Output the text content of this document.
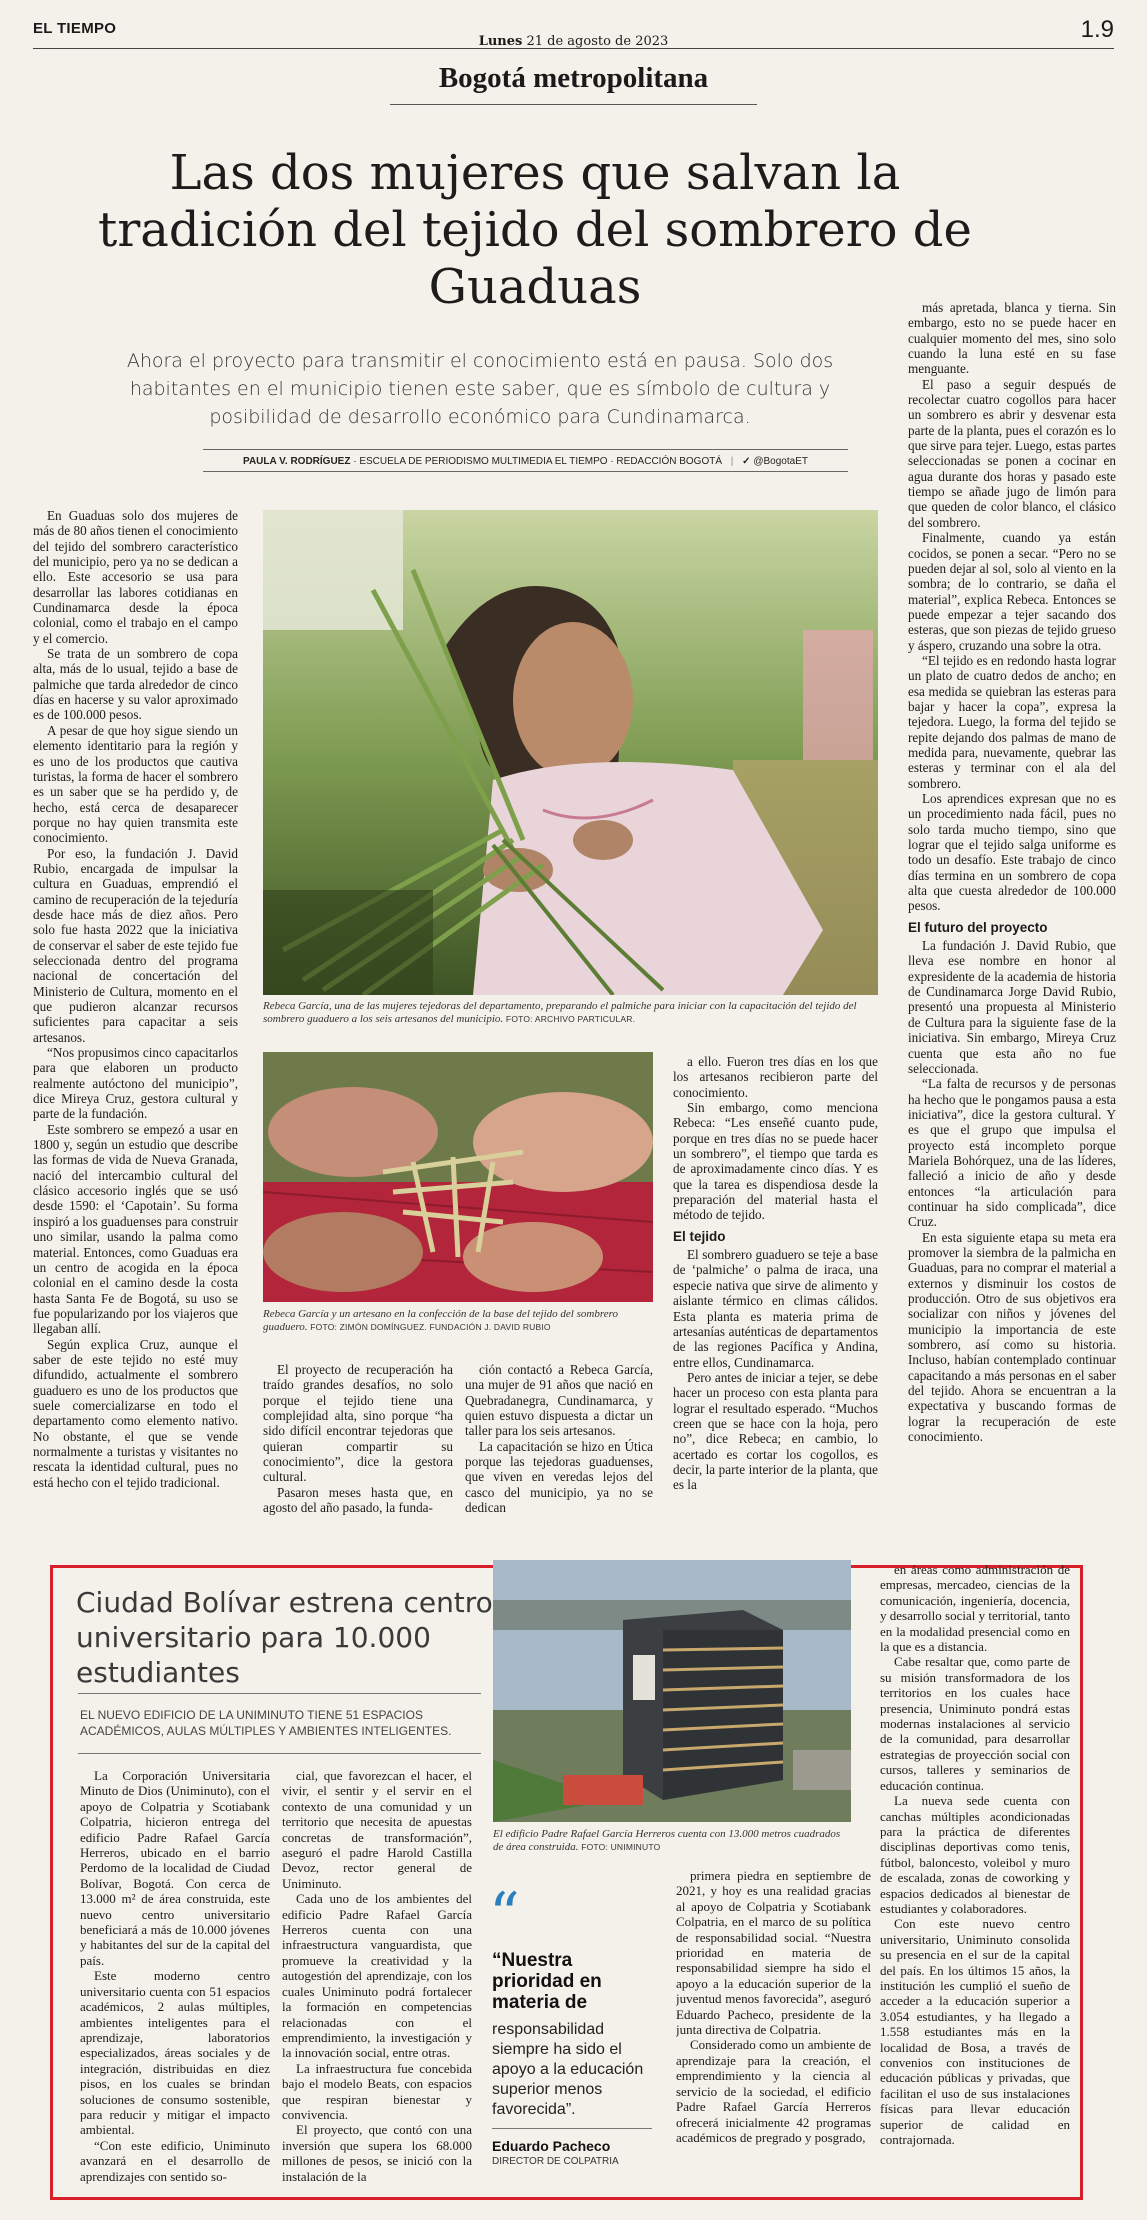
EL TIEMPO
Lunes 21 de agosto de 2023	1.9
Bogotá metropolitana
Las dos mujeres que salvan la tradición del tejido del sombrero de Guaduas
Ahora el proyecto para transmitir el conocimiento está en pausa. Solo dos habitantes en el municipio tienen este saber, que es símbolo de cultura y posibilidad de desarrollo económico para Cundinamarca.
PAULA V. RODRÍGUEZ · ESCUELA DE PERIODISMO MULTIMEDIA EL TIEMPO · REDACCIÓN BOGOTÁ | ✓ @BogotaET

En Guaduas solo dos mujeres de más de 80 años tienen el conocimiento del tejido del sombrero característico del municipio, pero ya no se dedican a ello. Este accesorio se usa para desarrollar las labores cotidianas en Cundinamarca desde la época colonial, como el trabajo en el campo y el comercio.

Se trata de un sombrero de copa alta, más de lo usual, tejido a base de palmiche que tarda alrededor de cinco días en hacerse y su valor aproximado es de 100.000 pesos.

A pesar de que hoy sigue siendo un elemento identitario para la región y es uno de los productos que cautiva turistas, la forma de hacer el sombrero es un saber que se ha perdido y, de hecho, está cerca de desaparecer porque no hay quien transmita este conocimiento.

Por eso, la fundación J. David Rubio, encargada de impulsar la cultura en Guaduas, emprendió el camino de recuperación de la tejeduría desde hace más de diez años. Pero solo fue hasta 2022 que la iniciativa de conservar el saber de este tejido fue seleccionada dentro del programa nacional de concertación del Ministerio de Cultura, momento en el que pudieron alcanzar recursos suficientes para capacitar a seis artesanos.

“Nos propusimos cinco capacitarlos para que elaboren un producto realmente autóctono del municipio”, dice Mireya Cruz, gestora cultural y parte de la fundación.

Este sombrero se empezó a usar en 1800 y, según un estudio que describe las formas de vida de Nueva Granada, nació del intercambio cultural del clásico accesorio inglés que se usó desde 1590: el ‘Capotain’. Su forma inspiró a los guaduenses para construir uno similar, usando la palma como material. Entonces, como Guaduas era un centro de acogida en la época colonial en el camino desde la costa hasta Santa Fe de Bogotá, su uso se fue popularizando por los viajeros que llegaban allí.

Según explica Cruz, aunque el saber de este tejido no esté muy difundido, actualmente el sombrero guaduero es uno de los productos que suele comercializarse en todo el departamento como elemento nativo. No obstante, el que se vende normalmente a turistas y visitantes no rescata la identidad cultural, pues no está hecho con el tejido tradicional.

Rebeca García, una de las mujeres tejedoras del departamento, preparando el palmiche para iniciar con la capacitación del tejido del sombrero guaduero a los seis artesanos del municipio. FOTO: ARCHIVO PARTICULAR.
Rebeca García y un artesano en la confección de la base del tejido del sombrero guaduero. FOTO: ZIMÓN DOMÍNGUEZ. FUNDACIÓN J. DAVID RUBIO

El proyecto de recuperación ha traído grandes desafíos, no solo porque el tejido tiene una complejidad alta, sino porque “ha sido difícil encontrar tejedoras que quieran compartir su conocimiento”, dice la gestora cultural.

Pasaron meses hasta que, en agosto del año pasado, la funda-

ción contactó a Rebeca García, una mujer de 91 años que nació en Quebradanegra, Cundinamarca, y quien estuvo dispuesta a dictar un taller para los seis artesanos.

La capacitación se hizo en Útica porque las tejedoras guaduenses, que viven en veredas lejos del casco del municipio, ya no se dedican

a ello. Fueron tres días en los que los artesanos recibieron parte del conocimiento.

Sin embargo, como menciona Rebeca: “Les enseñé cuanto pude, porque en tres días no se puede hacer un sombrero”, el tiempo que tarda es de aproximadamente cinco días. Y es que la tarea es dispendiosa desde la preparación del material hasta el método de tejido.

El tejido

El sombrero guaduero se teje a base de ‘palmiche’ o palma de iraca, una especie nativa que sirve de alimento y aislante térmico en climas cálidos. Esta planta es materia prima de artesanías auténticas de departamentos de las regiones Pacífica y Andina, entre ellos, Cundinamarca.

Pero antes de iniciar a tejer, se debe hacer un proceso con esta planta para lograr el resultado esperado. “Muchos creen que se hace con la hoja, pero no”, dice Rebeca; en cambio, lo acertado es cortar los cogollos, es decir, la parte interior de la planta, que es la

más apretada, blanca y tierna. Sin embargo, esto no se puede hacer en cualquier momento del mes, sino solo cuando la luna esté en su fase menguante.

El paso a seguir después de recolectar cuatro cogollos para hacer un sombrero es abrir y desvenar esta parte de la planta, pues el corazón es lo que sirve para tejer. Luego, estas partes seleccionadas se ponen a cocinar en agua durante dos horas y pasado este tiempo se añade jugo de limón para que queden de color blanco, el clásico del sombrero.

Finalmente, cuando ya están cocidos, se ponen a secar. “Pero no se pueden dejar al sol, solo al viento en la sombra; de lo contrario, se daña el material”, explica Rebeca. Entonces se puede empezar a tejer sacando dos esteras, que son piezas de tejido grueso y áspero, cruzando una sobre la otra.

“El tejido es en redondo hasta lograr un plato de cuatro dedos de ancho; en esa medida se quiebran las esteras para bajar y hacer la copa”, expresa la tejedora. Luego, la forma del tejido se repite dejando dos palmas de mano de medida para, nuevamente, quebrar las esteras y terminar con el ala del sombrero.

Los aprendices expresan que no es un procedimiento nada fácil, pues no solo tarda mucho tiempo, sino que lograr que el tejido salga uniforme es todo un desafío. Este trabajo de cinco días termina en un sombrero de copa alta que cuesta alrededor de 100.000 pesos.

El futuro del proyecto

La fundación J. David Rubio, que lleva ese nombre en honor al expresidente de la academia de historia de Cundinamarca Jorge David Rubio, presentó una propuesta al Ministerio de Cultura para la siguiente fase de la iniciativa. Sin embargo, Mireya Cruz cuenta que esta año no fue seleccionada.

“La falta de recursos y de personas ha hecho que le pongamos pausa a esta iniciativa”, dice la gestora cultural. Y es que el grupo que impulsa el proyecto está incompleto porque Mariela Bohórquez, una de las líderes, falleció a inicio de año y desde entonces “la articulación para continuar ha sido complicada”, dice Cruz.

En esta siguiente etapa su meta era promover la siembra de la palmicha en Guaduas, para no comprar el material a externos y disminuir los costos de producción. Otro de sus objetivos era socializar con niños y jóvenes del municipio la importancia de este sombrero, así como su historia. Incluso, habían contemplado continuar capacitando a más personas en el saber del tejido. Ahora se encuentran a la expectativa y buscando formas de lograr la recuperación de este conocimiento.

Ciudad Bolívar estrena centro universitario para 10.000 estudiantes
EL NUEVO EDIFICIO DE LA UNIMINUTO TIENE 51 ESPACIOS ACADÉMICOS, AULAS MÚLTIPLES Y AMBIENTES INTELIGENTES.

La Corporación Universitaria Minuto de Dios (Uniminuto), con el apoyo de Colpatria y Scotiabank Colpatria, hicieron entrega del edificio Padre Rafael García Herreros, ubicado en el barrio Perdomo de la localidad de Ciudad Bolívar, Bogotá. Con cerca de 13.000 m² de área construida, este nuevo centro universitario beneficiará a más de 10.000 jóvenes y habitantes del sur de la capital del país.

Este moderno centro universitario cuenta con 51 espacios académicos, 2 aulas múltiples, ambientes inteligentes para el aprendizaje, laboratorios especializados, áreas sociales y de integración, distribuidas en diez pisos, en los cuales se brindan soluciones de consumo sostenible, para reducir y mitigar el impacto ambiental.

“Con este edificio, Uniminuto avanzará en el desarrollo de aprendizajes con sentido so-

cial, que favorezcan el hacer, el vivir, el sentir y el servir en el contexto de una comunidad y un territorio que necesita de apuestas concretas de transformación”, aseguró el padre Harold Castilla Devoz, rector general de Uniminuto.

Cada uno de los ambientes del edificio Padre Rafael García Herreros cuenta con una infraestructura vanguardista, que promueve la creatividad y la autogestión del aprendizaje, con los cuales Uniminuto podrá fortalecer la formación en competencias relacionadas con el emprendimiento, la investigación y la innovación social, entre otras.

La infraestructura fue concebida bajo el modelo Beats, con espacios que respiran bienestar y convivencia.

El proyecto, que contó con una inversión que supera los 68.000 millones de pesos, se inició con la instalación de la

El edificio Padre Rafael García Herreros cuenta con 13.000 metros cuadrados de área construida. FOTO: UNIMINUTO
“
“Nuestra prioridad en materia de
responsabilidad siempre ha sido el apoyo a la educación superior menos favorecida”.
Eduardo Pacheco
DIRECTOR DE COLPATRIA

primera piedra en septiembre de 2021, y hoy es una realidad gracias al apoyo de Colpatria y Scotiabank Colpatria, en el marco de su política de responsabilidad social. “Nuestra prioridad en materia de responsabilidad siempre ha sido el apoyo a la educación superior de la juventud menos favorecida”, aseguró Eduardo Pacheco, presidente de la junta directiva de Colpatria.

Considerado como un ambiente de aprendizaje para la creación, el emprendimiento y la ciencia al servicio de la sociedad, el edificio Padre Rafael García Herreros ofrecerá inicialmente 42 programas académicos de pregrado y posgrado,

en áreas como administración de empresas, mercadeo, ciencias de la comunicación, ingeniería, docencia, y desarrollo social y territorial, tanto en la modalidad presencial como en la que es a distancia.

Cabe resaltar que, como parte de su misión transformadora de los territorios en los cuales hace presencia, Uniminuto pondrá estas modernas instalaciones al servicio de la comunidad, para desarrollar estrategias de proyección social con cursos, talleres y seminarios de educación continua.

La nueva sede cuenta con canchas múltiples acondicionadas para la práctica de diferentes disciplinas deportivas como tenis, fútbol, baloncesto, voleibol y muro de escalada, zonas de coworking y espacios dedicados al bienestar de estudiantes y colaboradores.

Con este nuevo centro universitario, Uniminuto consolida su presencia en el sur de la capital del país. En los últimos 15 años, la institución les cumplió el sueño de acceder a la educación superior a 3.054 estudiantes, y ha llegado a 1.558 estudiantes más en la localidad de Bosa, a través de convenios con instituciones de educación públicas y privadas, que facilitan el uso de sus instalaciones físicas para llevar educación superior de calidad en contrajornada.
